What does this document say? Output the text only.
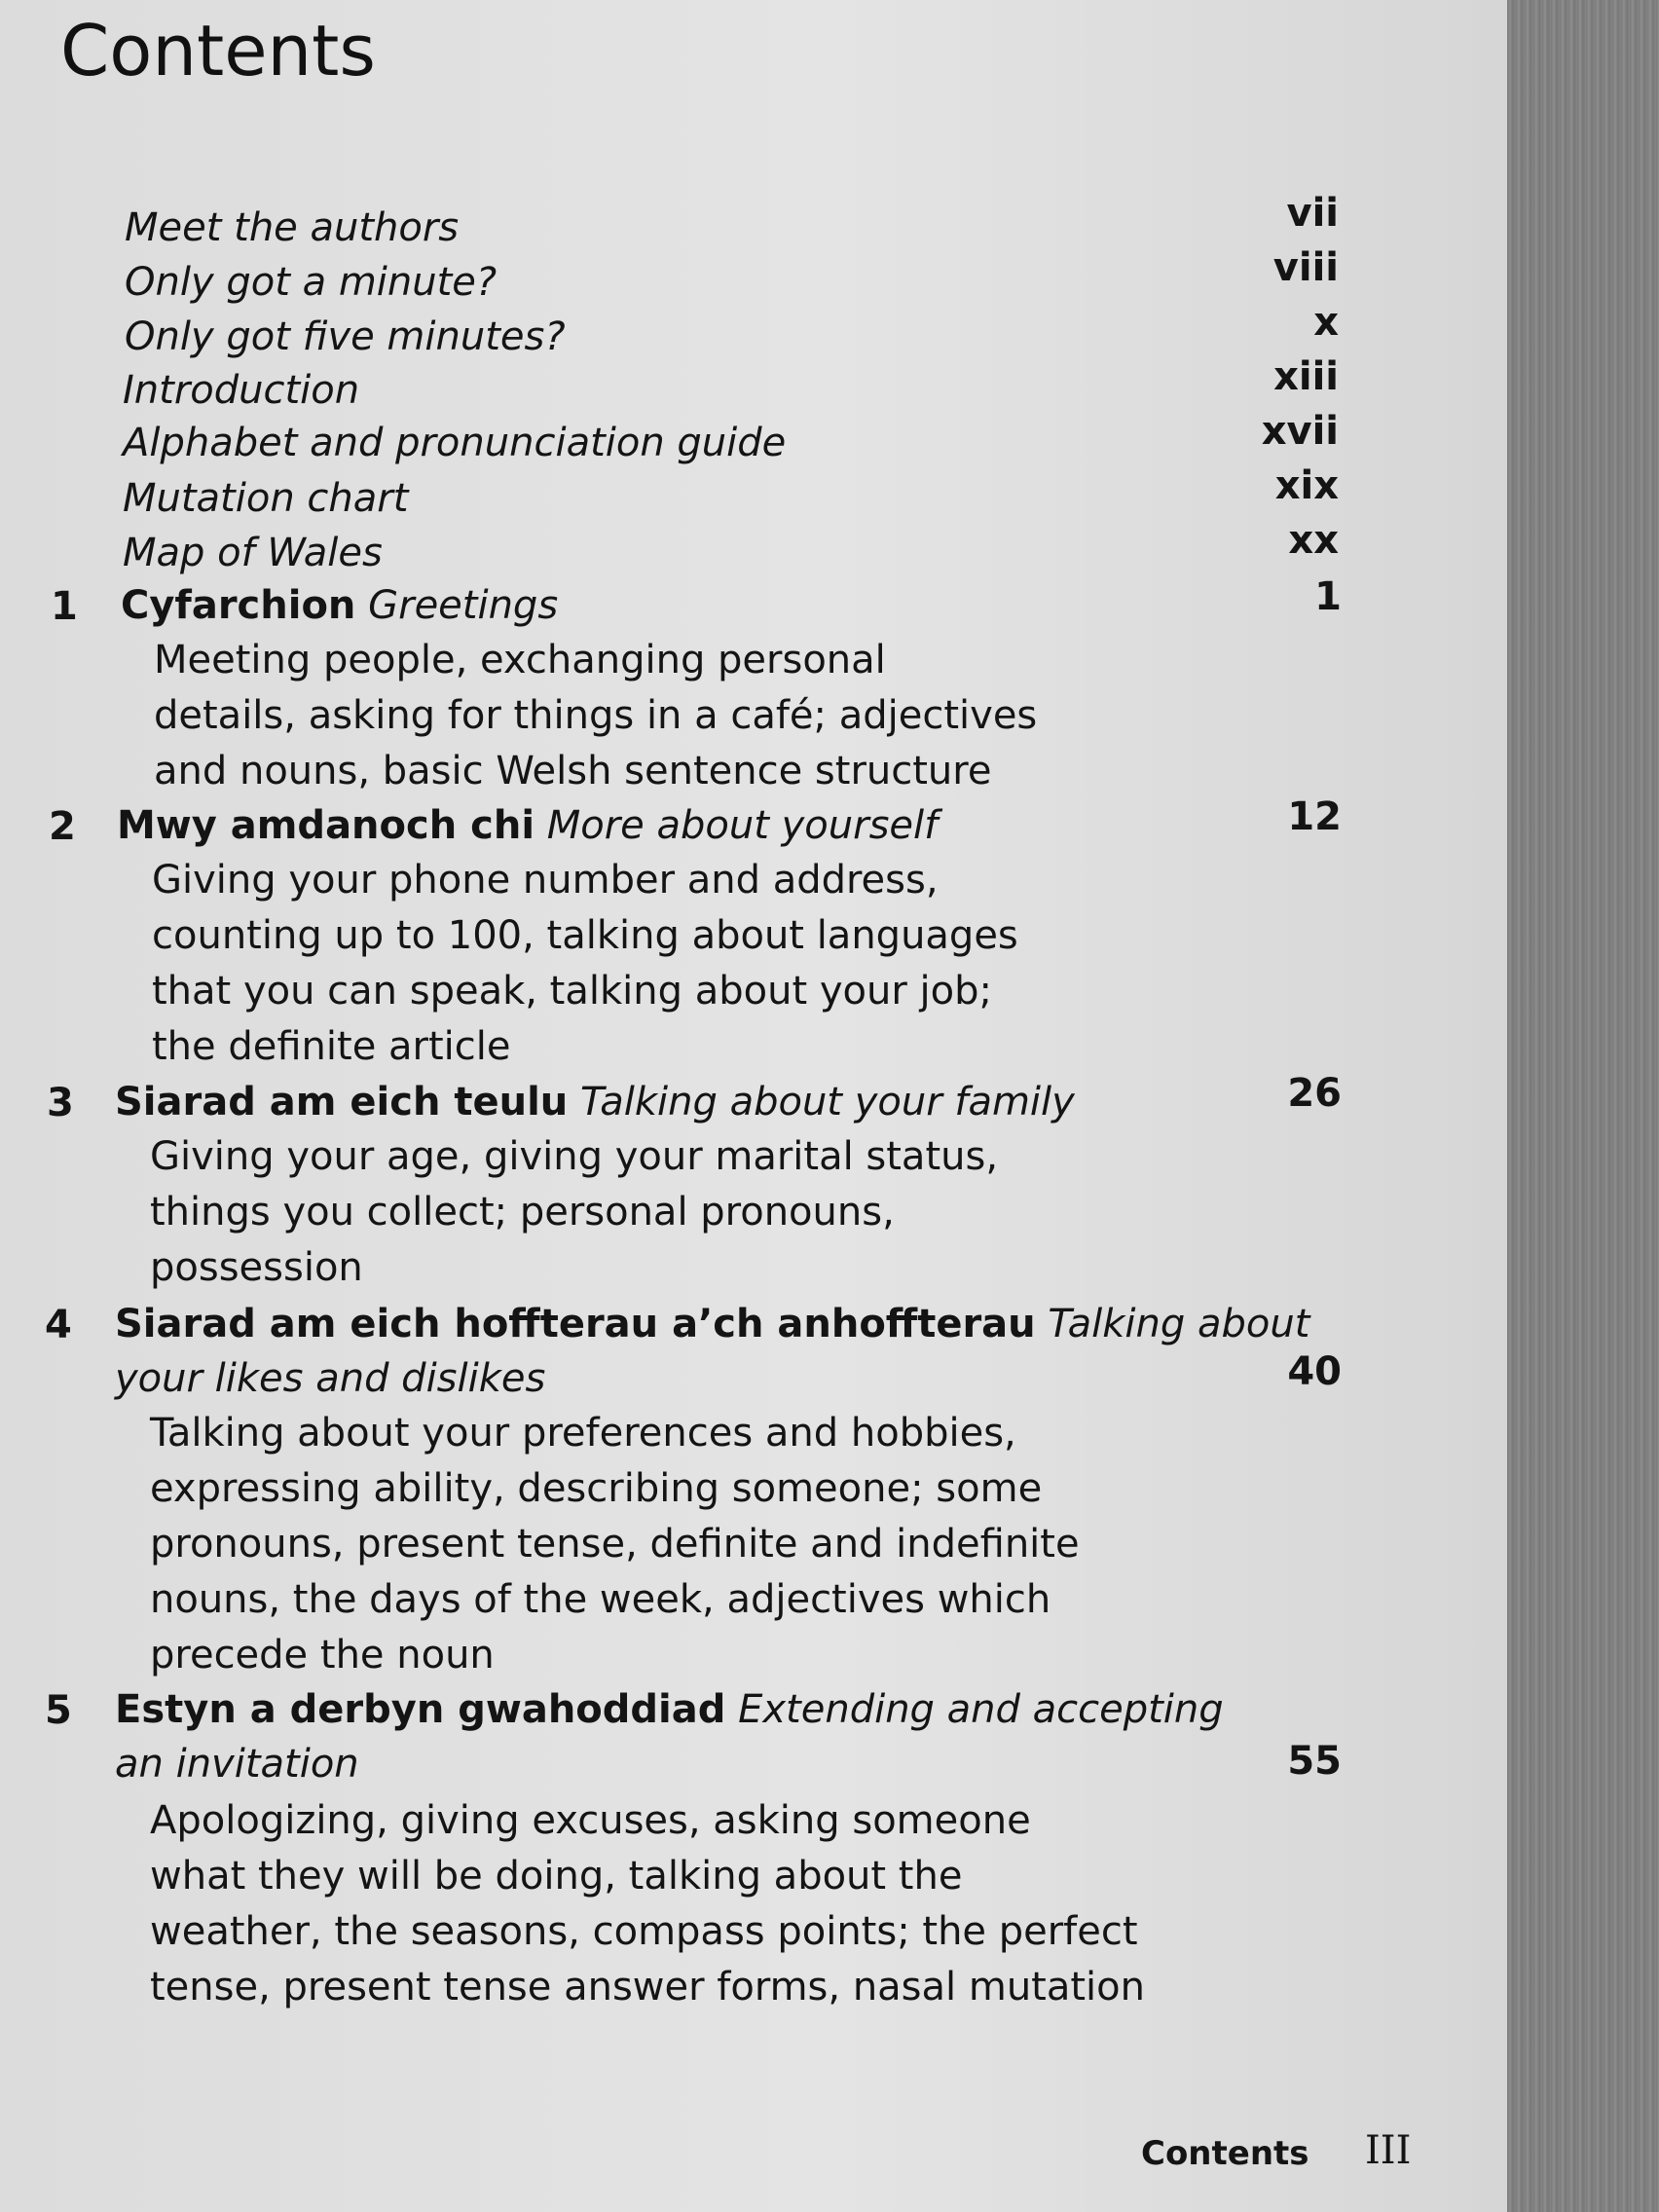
Contents
Meet the authors	vii
Only got a minute?	viii
Only got five minutes?	x
Introduction	xiii
Alphabet and pronunciation guide	xvii
Mutation chart	xix
Map of Wales	xx
1 Cyfarchion Greetings	1
Meeting people, exchanging personal
details, asking for things in a café; adjectives
and nouns, basic Welsh sentence structure
2 Mwy amdanoch chi More about yourself	12
Giving your phone number and address,
counting up to 100, talking about languages
that you can speak, talking about your job;
the definite article
3 Siarad am eich teulu Talking about your family	26
Giving your age, giving your marital status,
things you collect; personal pronouns,
possession
4 Siarad am eich hoffterau a’ch anhoffterau Talking about
your likes and dislikes	40
Talking about your preferences and hobbies,
expressing ability, describing someone; some
pronouns, present tense, definite and indefinite
nouns, the days of the week, adjectives which
precede the noun
5 Estyn a derbyn gwahoddiad Extending and accepting
an invitation	55
Apologizing, giving excuses, asking someone
what they will be doing, talking about the
weather, the seasons, compass points; the perfect
tense, present tense answer forms, nasal mutation
Contents III
